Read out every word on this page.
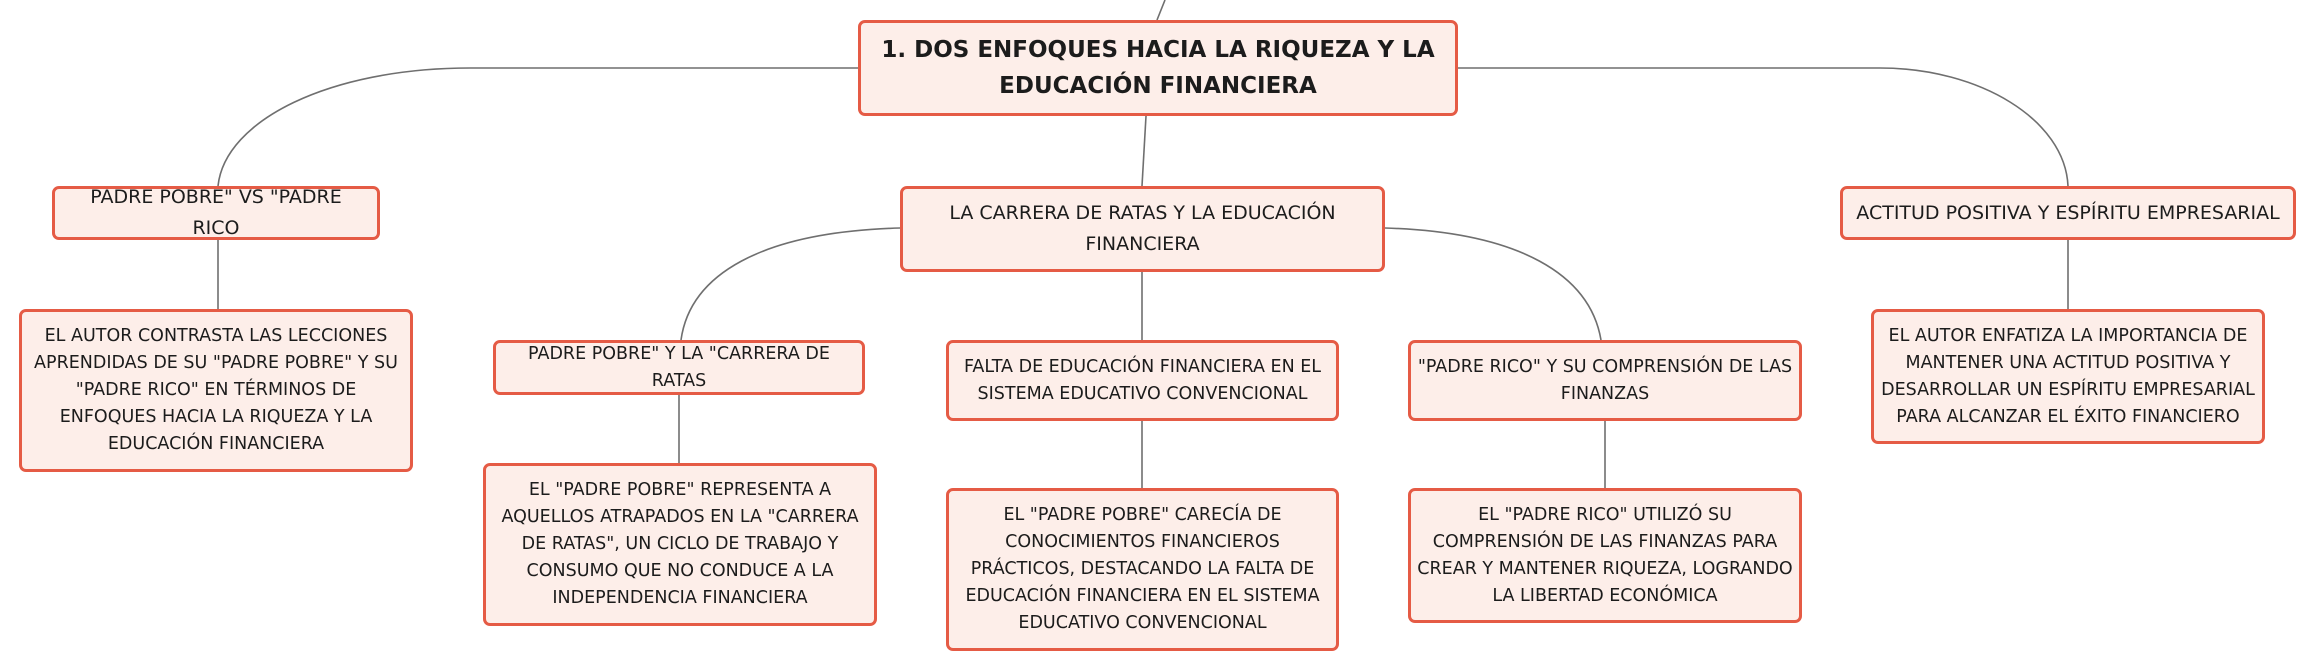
1. DOS ENFOQUES HACIA LA RIQUEZA Y LA EDUCACIÓN FINANCIERA
PADRE POBRE" VS "PADRE RICO
EL AUTOR CONTRASTA LAS LECCIONES APRENDIDAS DE SU "PADRE POBRE" Y SU "PADRE RICO" EN TÉRMINOS DE ENFOQUES HACIA LA RIQUEZA Y LA EDUCACIÓN FINANCIERA
LA CARRERA DE RATAS Y LA EDUCACIÓN FINANCIERA
PADRE POBRE" Y LA "CARRERA DE RATAS
EL "PADRE POBRE" REPRESENTA A AQUELLOS ATRAPADOS EN LA "CARRERA DE RATAS", UN CICLO DE TRABAJO Y CONSUMO QUE NO CONDUCE A LA INDEPENDENCIA FINANCIERA
FALTA DE EDUCACIÓN FINANCIERA EN EL SISTEMA EDUCATIVO CONVENCIONAL
EL "PADRE POBRE" CARECÍA DE CONOCIMIENTOS FINANCIEROS PRÁCTICOS, DESTACANDO LA FALTA DE EDUCACIÓN FINANCIERA EN EL SISTEMA EDUCATIVO CONVENCIONAL
"PADRE RICO" Y SU COMPRENSIÓN DE LAS FINANZAS
EL "PADRE RICO" UTILIZÓ SU COMPRENSIÓN DE LAS FINANZAS PARA CREAR Y MANTENER RIQUEZA, LOGRANDO LA LIBERTAD ECONÓMICA
ACTITUD POSITIVA Y ESPÍRITU EMPRESARIAL
EL AUTOR ENFATIZA LA IMPORTANCIA DE MANTENER UNA ACTITUD POSITIVA Y DESARROLLAR UN ESPÍRITU EMPRESARIAL PARA ALCANZAR EL ÉXITO FINANCIERO
